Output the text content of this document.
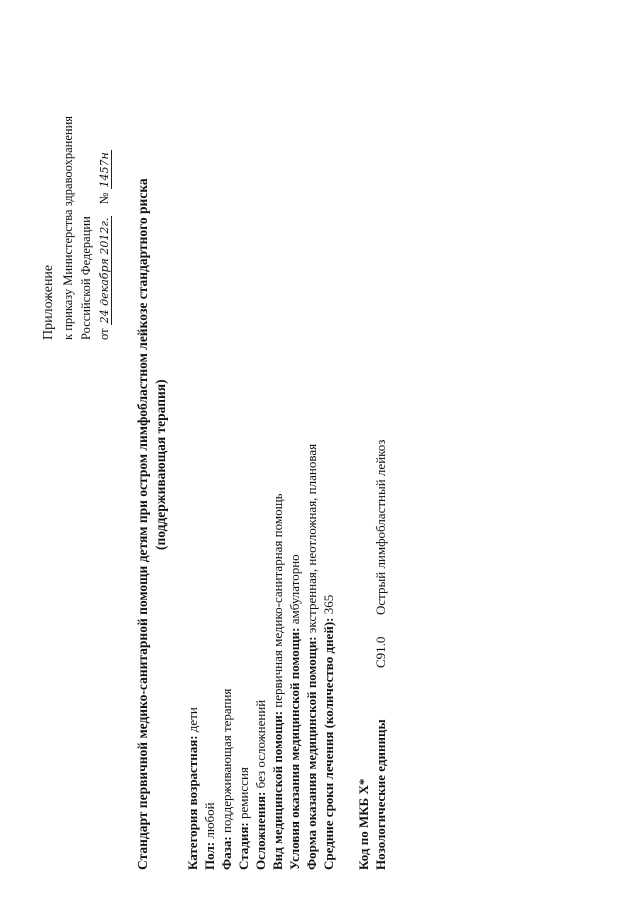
Приложение к приказу Министерства здравоохранения Российской Федерации от 24 декабря 2012г. № 1457н
Стандарт первичной медико-санитарной помощи детям при остром лимфобластном лейкозе стандартного риска (поддерживающая терапия)
Категория возрастная: дети
Пол: любой
Фаза: поддерживающая терапия
Стадия: ремиссия Осложнения: без осложнений Вид медицинской помощи: первичная медико-санитарная помощь
Условия оказания медицинской помощи: амбулаторно
Форма оказания медицинской помощи: экстренная, неотложная, плановая
Средние сроки лечения (количество дней): 365
Код по МКБ X* Нозологические единицы
C91.0
Острый лимфобластный лейкоз
